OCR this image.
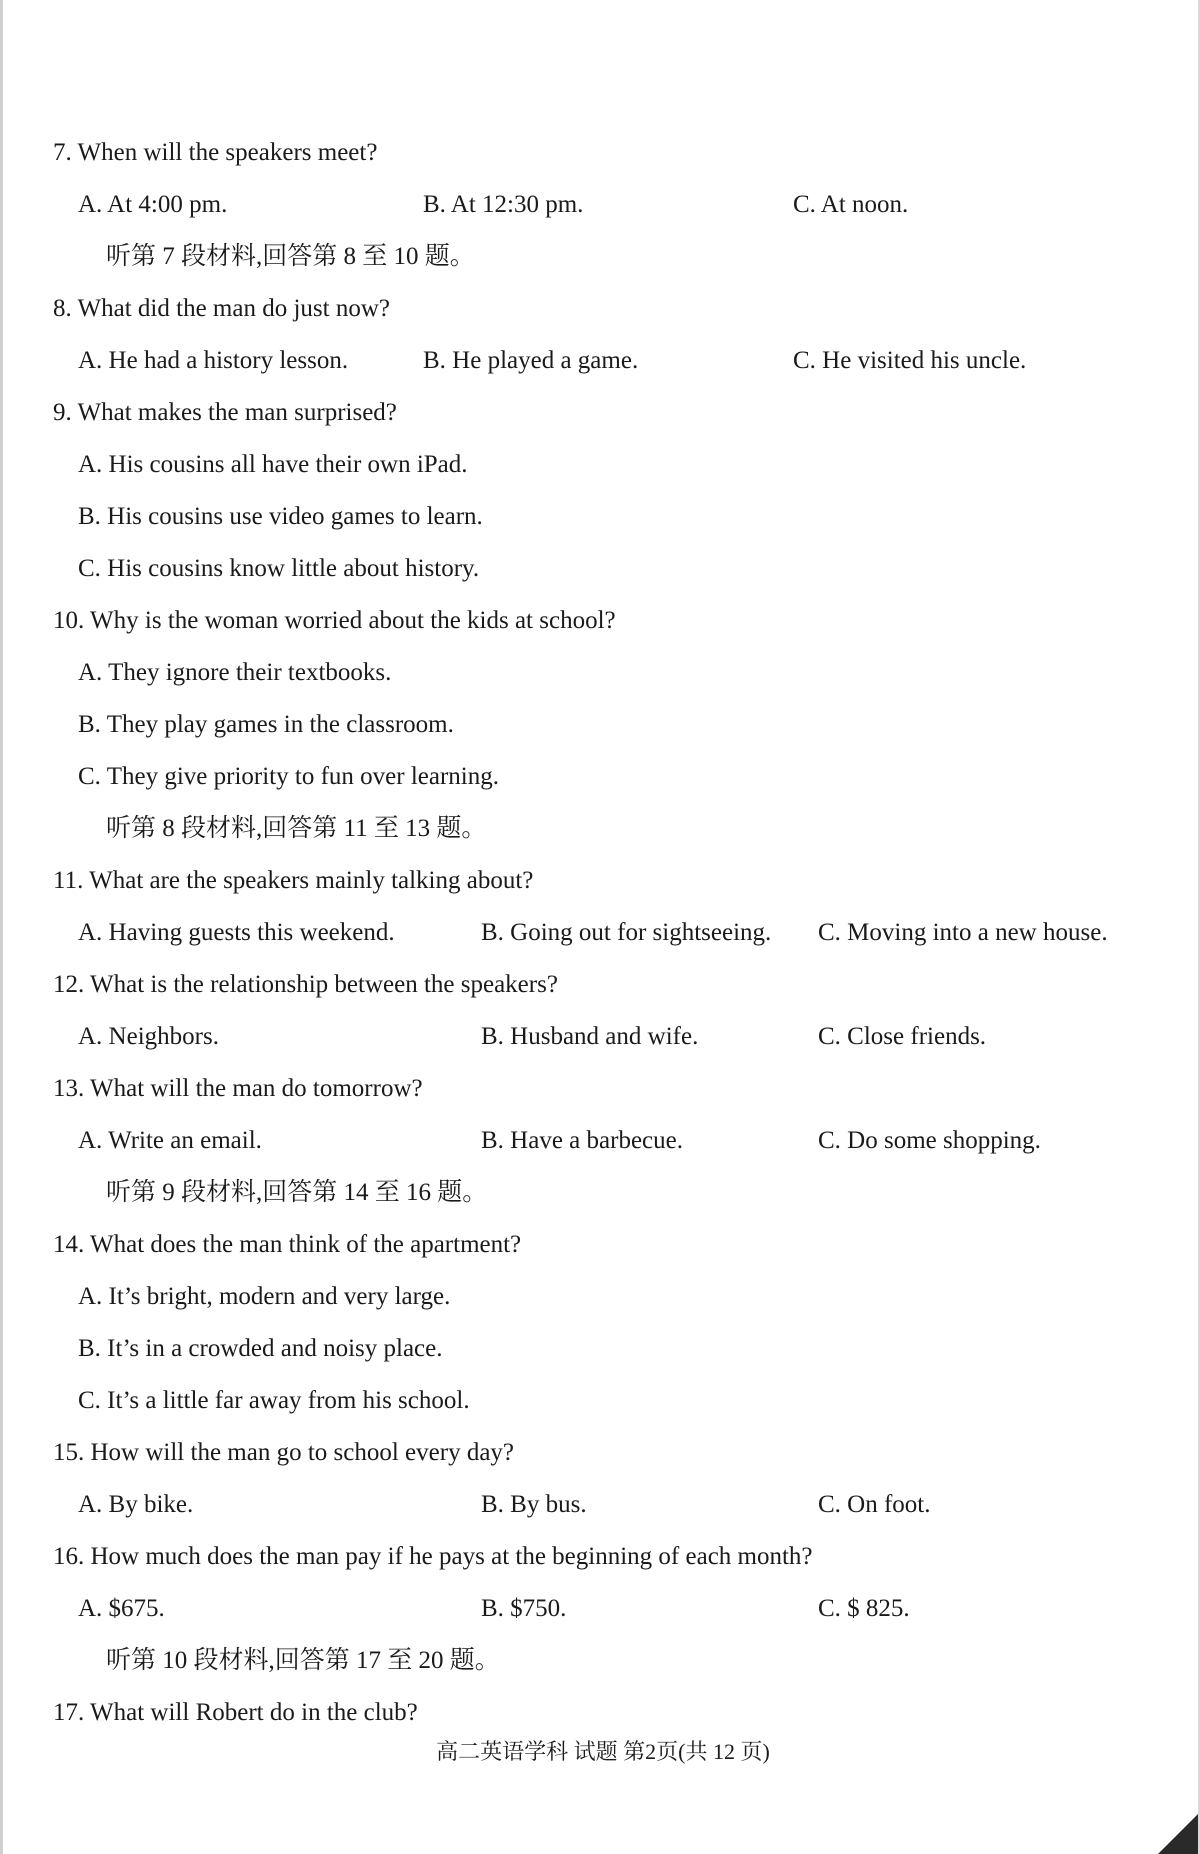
7. When will the speakers meet?
A. At 4:00 pm.	B. At 12:30 pm.	C. At noon.
听第 7 段材料,回答第 8 至 10 题。
8. What did the man do just now?
A. He had a history lesson.	B. He played a game.	C. He visited his uncle.
9. What makes the man surprised?
A. His cousins all have their own iPad.
B. His cousins use video games to learn.
C. His cousins know little about history.
10. Why is the woman worried about the kids at school?
A. They ignore their textbooks.
B. They play games in the classroom.
C. They give priority to fun over learning.
听第 8 段材料,回答第 11 至 13 题。
11. What are the speakers mainly talking about?
A. Having guests this weekend.	B. Going out for sightseeing. C. Moving into a new house.
12. What is the relationship between the speakers?
A. Neighbors.	B. Husband and wife.	C. Close friends.
13. What will the man do tomorrow?
A. Write an email.	B. Have a barbecue.	C. Do some shopping.
听第 9 段材料,回答第 14 至 16 题。
14. What does the man think of the apartment?
A. It’s bright, modern and very large.
B. It’s in a crowded and noisy place.
C. It’s a little far away from his school.
15. How will the man go to school every day?
A. By bike.	B. By bus.	C. On foot.
16. How much does the man pay if he pays at the beginning of each month?
A. $675.	B. $750.	C. $ 825.
听第 10 段材料,回答第 17 至 20 题。
17. What will Robert do in the club?
高二英语学科 试题 第2页(共 12 页)
